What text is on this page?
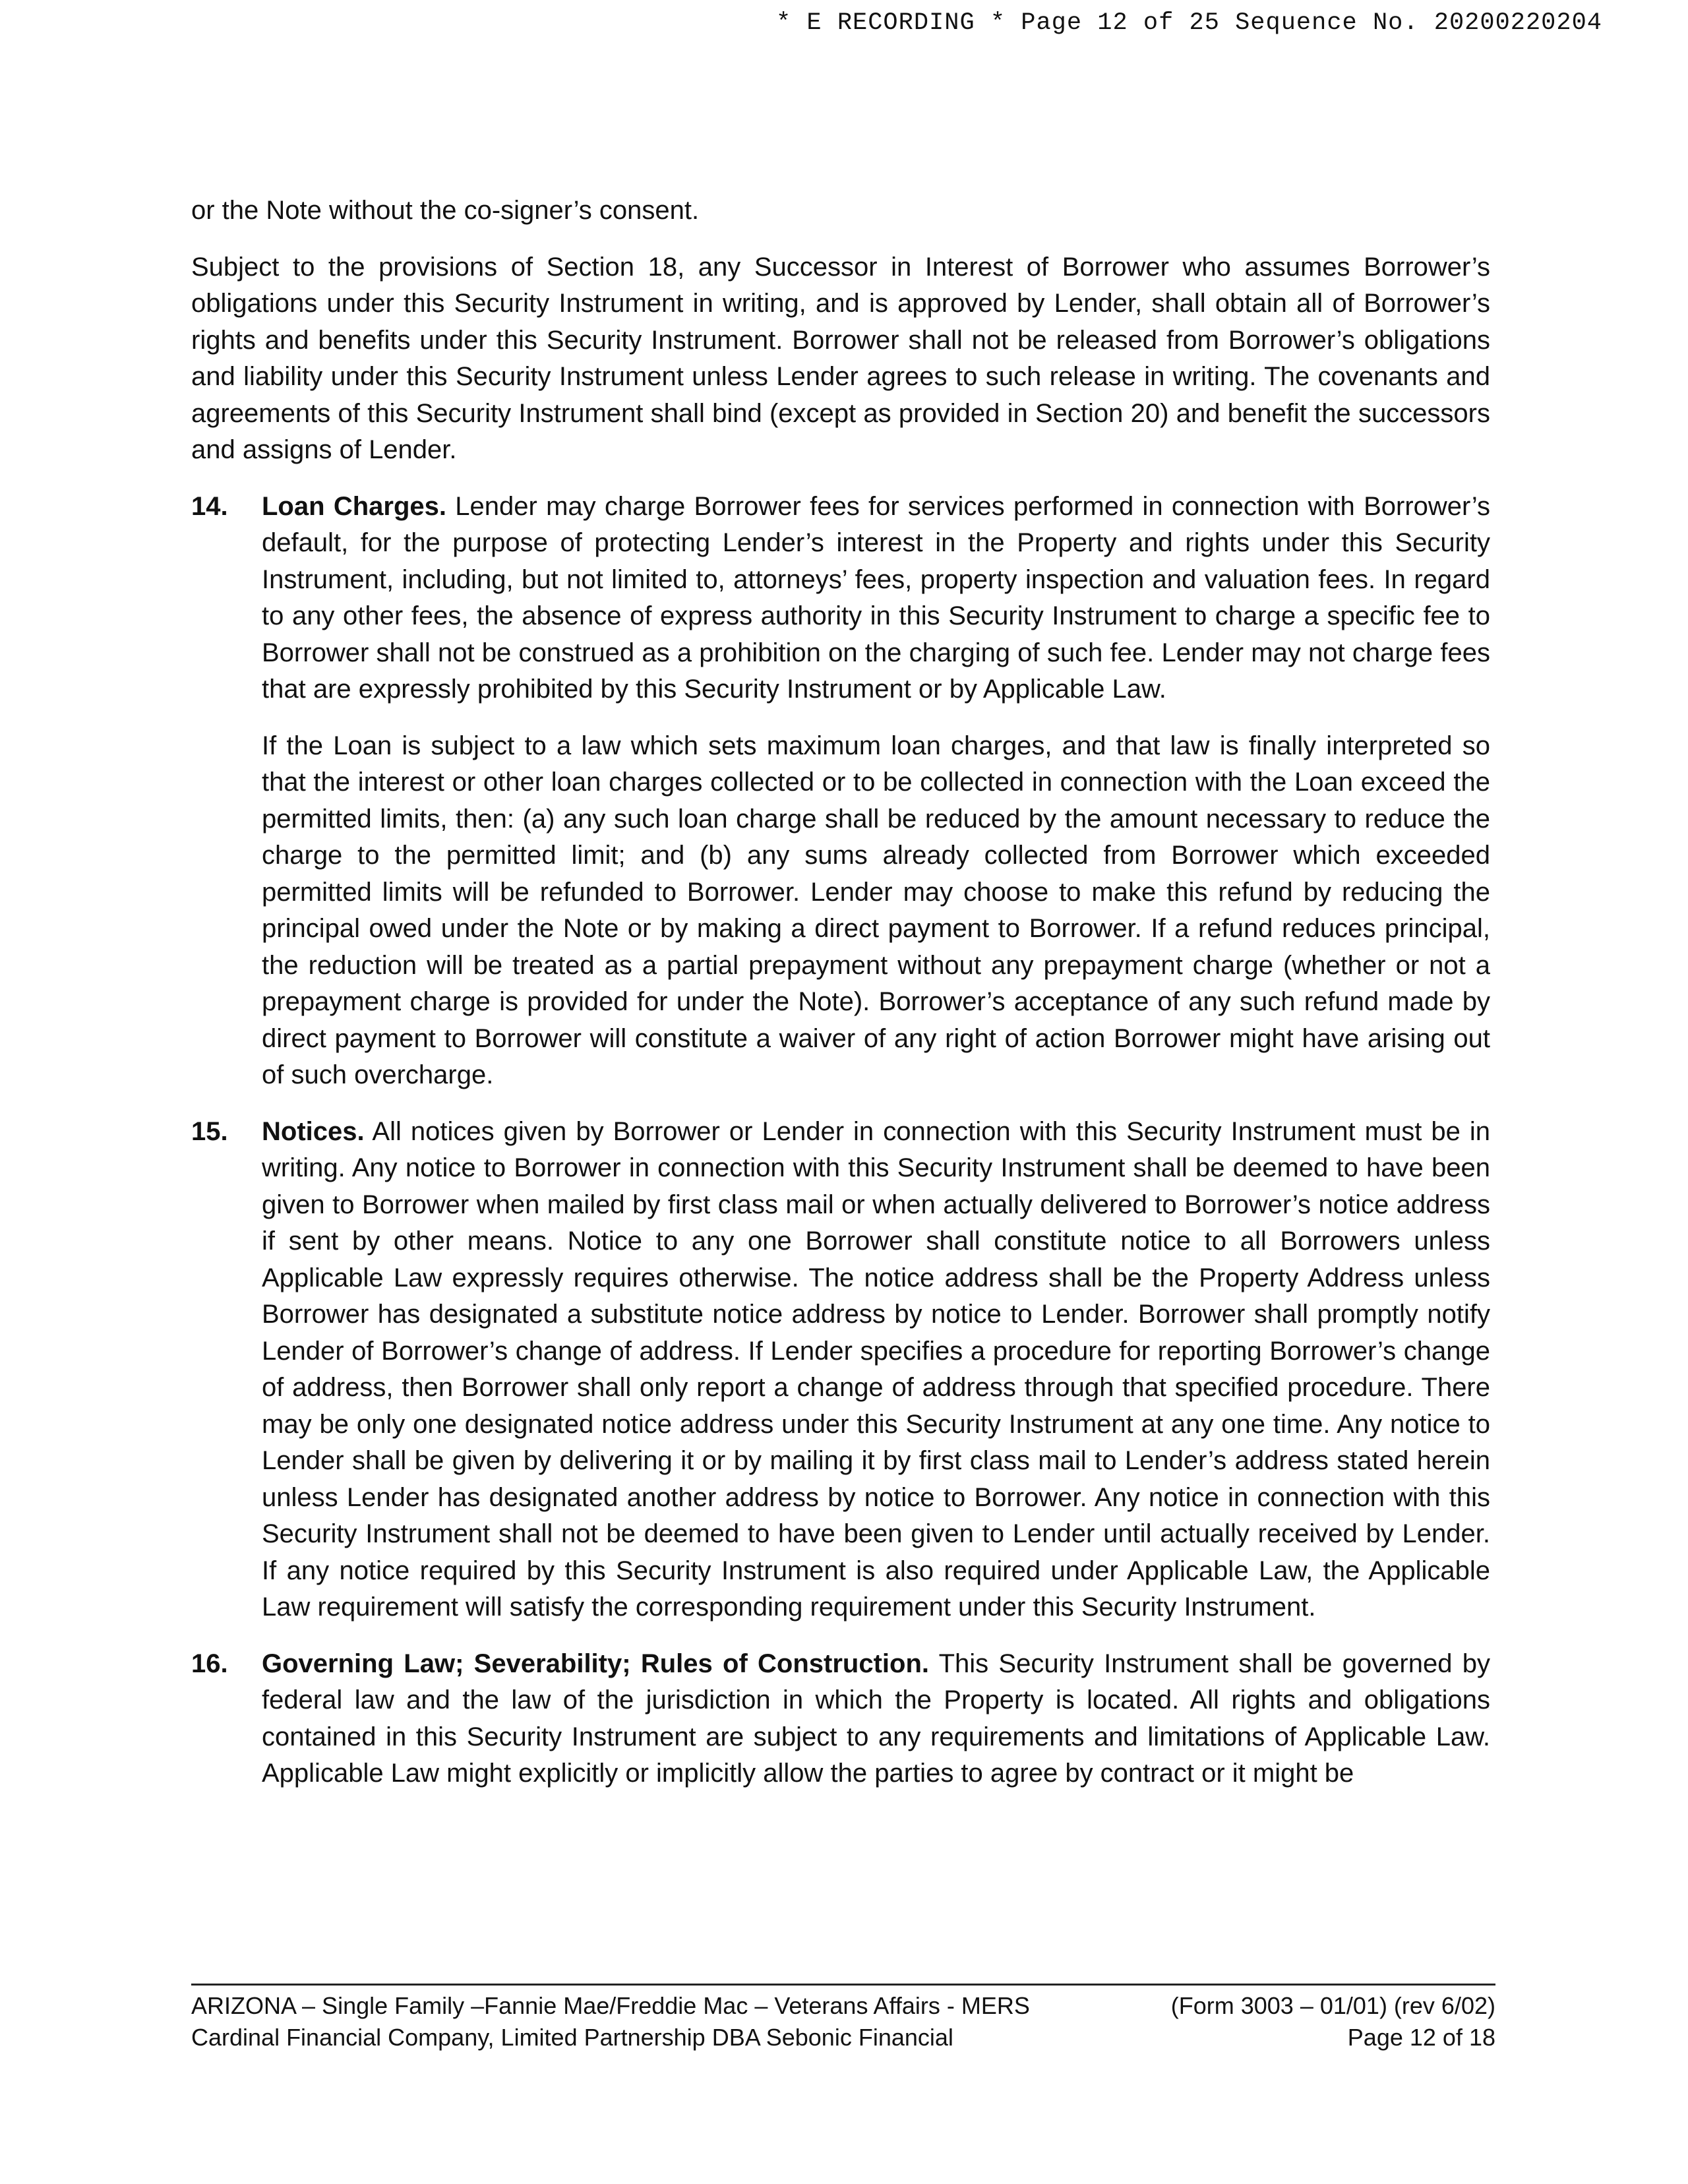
* E RECORDING * Page 12 of 25 Sequence No. 20200220204

or the Note without the co-signer’s consent.

Subject to the provisions of Section 18, any Successor in Interest of Borrower who assumes Borrower’s obligations under this Security Instrument in writing, and is approved by Lender, shall obtain all of Borrower’s rights and benefits under this Security Instrument. Borrower shall not be released from Borrower’s obligations and liability under this Security Instrument unless Lender agrees to such release in writing. The covenants and agreements of this Security Instrument shall bind (except as provided in Section 20) and benefit the successors and assigns of Lender.

14. Loan Charges. Lender may charge Borrower fees for services performed in connection with Borrower’s default, for the purpose of protecting Lender’s interest in the Property and rights under this Security Instrument, including, but not limited to, attorneys’ fees, property inspection and valuation fees. In regard to any other fees, the absence of express authority in this Security Instrument to charge a specific fee to Borrower shall not be construed as a prohibition on the charging of such fee. Lender may not charge fees that are expressly prohibited by this Security Instrument or by Applicable Law.

If the Loan is subject to a law which sets maximum loan charges, and that law is finally interpreted so that the interest or other loan charges collected or to be collected in connection with the Loan exceed the permitted limits, then: (a) any such loan charge shall be reduced by the amount necessary to reduce the charge to the permitted limit; and (b) any sums already collected from Borrower which exceeded permitted limits will be refunded to Borrower. Lender may choose to make this refund by reducing the principal owed under the Note or by making a direct payment to Borrower. If a refund reduces principal, the reduction will be treated as a partial prepayment without any prepayment charge (whether or not a prepayment charge is provided for under the Note). Borrower’s acceptance of any such refund made by direct payment to Borrower will constitute a waiver of any right of action Borrower might have arising out of such overcharge.

15. Notices. All notices given by Borrower or Lender in connection with this Security Instrument must be in writing. Any notice to Borrower in connection with this Security Instrument shall be deemed to have been given to Borrower when mailed by first class mail or when actually delivered to Borrower’s notice address if sent by other means. Notice to any one Borrower shall constitute notice to all Borrowers unless Applicable Law expressly requires otherwise. The notice address shall be the Property Address unless Borrower has designated a substitute notice address by notice to Lender. Borrower shall promptly notify Lender of Borrower’s change of address. If Lender specifies a procedure for reporting Borrower’s change of address, then Borrower shall only report a change of address through that specified procedure. There may be only one designated notice address under this Security Instrument at any one time. Any notice to Lender shall be given by delivering it or by mailing it by first class mail to Lender’s address stated herein unless Lender has designated another address by notice to Borrower. Any notice in connection with this Security Instrument shall not be deemed to have been given to Lender until actually received by Lender. If any notice required by this Security Instrument is also required under Applicable Law, the Applicable Law requirement will satisfy the corresponding requirement under this Security Instrument.

16. Governing Law; Severability; Rules of Construction. This Security Instrument shall be governed by federal law and the law of the jurisdiction in which the Property is located. All rights and obligations contained in this Security Instrument are subject to any requirements and limitations of Applicable Law. Applicable Law might explicitly or implicitly allow the parties to agree by contract or it might be

ARIZONA – Single Family –Fannie Mae/Freddie Mac – Veterans Affairs - MERS	(Form 3003 – 01/01) (rev 6/02)
Cardinal Financial Company, Limited Partnership DBA Sebonic Financial	Page 12 of 18
